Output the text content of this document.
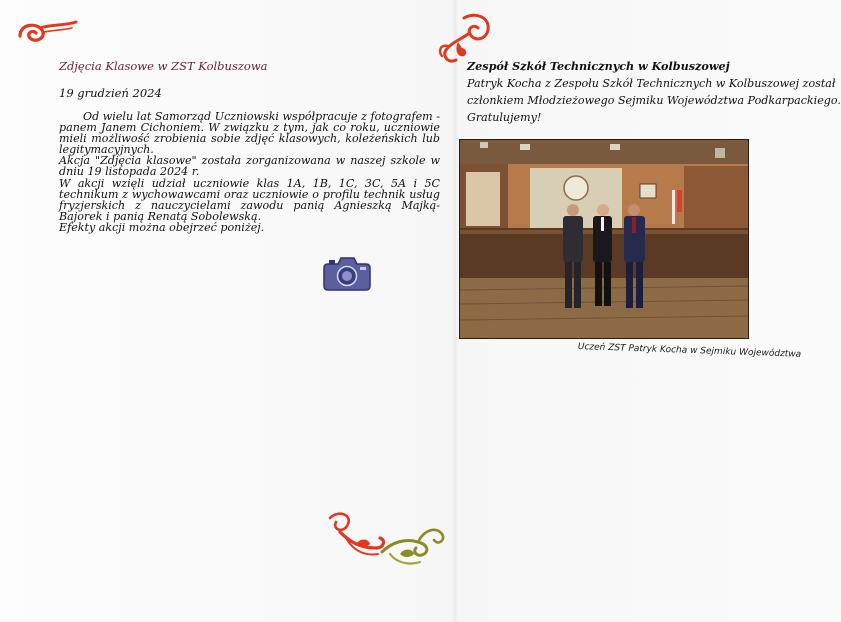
Zdjęcia Klasowe w ZST Kolbuszowa
19 grudzień 2024

Od wielu lat Samorząd Uczniowski współpracuje z fotografem - panem Janem Cichoniem. W związku z tym, jak co roku, uczniowie mieli możliwość zrobienia sobie zdjęć klasowych, koleżeńskich lub legitymacyjnych.

Akcja "Zdjęcia klasowe" została zorganizowana w naszej szkole w dniu 19 listopada 2024 r.

W akcji wzięli udział uczniowie klas 1A, 1B, 1C, 3C, 5A i 5C technikum z wychowawcami oraz uczniowie o profilu technik usług fryzjerskich z nauczycielami zawodu panią Agnieszką Majką-Bajorek i panią Renatą Sobolewską.

Efekty akcji można obejrzeć poniżej.

Zespół Szkół Technicznych w Kolbuszowej

Patryk Kocha z Zespołu Szkół Technicznych w Kolbuszowej został

członkiem Młodzieżowego Sejmiku Województwa Podkarpackiego.

Gratulujemy!

Uczeń ZST Patryk Kocha w Sejmiku Województwa
